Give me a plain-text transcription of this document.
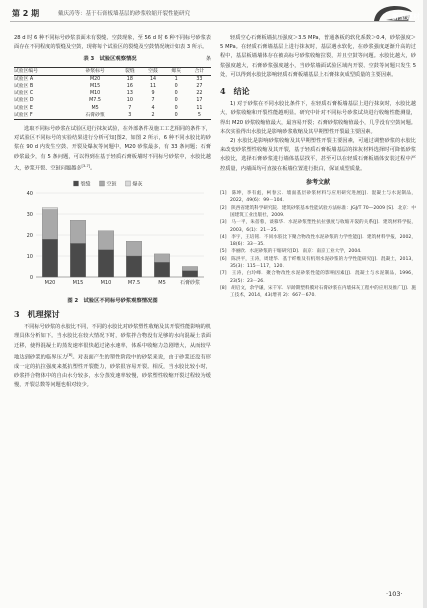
第 2 期	戴庆涛等：基于石膏板墙基层的砂浆收缩开裂性能研究	新型建材

28 d 时 6 种不同标号砂浆表面未有裂缝、空鼓现象，至 56 d 时 6 种不同标号砂浆表面存在不同程度的裂缝及空鼓，现将每个试验区的裂缝及空鼓情况统计如表 3 所示。

表 3　试验区观察情况	条
试验区编号	砂浆标号	裂缝	空鼓	爆灰	合计
试验区 A	M20	18	14	1	33
试验区 B	M15	16	11	0	27
试验区 C	M10	13	9	0	22
试验区 D	M7.5	10	7	0	17
试验区 E	M5	7	4	0	11
试验区 F	石膏砂浆	3	2	0	5

选取不同标号砂浆在试验区进行抹灰试验，在外部条件及施工工艺相同的条件下，对试验区不同标号的实验结果进行分析可知[图2，如图 2 所示，6 种不同水胶比的砂浆在 90 d 内发生空鼓、开裂及爆灰等问题中，M20 砂浆最多，有 33 条问题；石膏砂浆最少，有 5 条问题，可以得到在基于轻质石膏板墙时不同标号砂浆中，水胶比越大，砂浆开裂、空鼓问题越多[3-7]。

0
10
20
30
40
M20	M15	M10	M7.5	M5	石膏砂浆
裂缝	空鼓	爆灰
图 2　试验区不同标号砂浆观察情况图
3 机理探讨

不同标号砂浆的水胶比不同，不同的水胶比对砂浆塑性收缩及其开裂性能影响的机理具体分析如下。当水胶比在较大情况下时，砂浆拌合物没有足够的水向混凝土表面迁移，使得混凝土的蒸发速率很快超过泌水速率，体系中收缩力急剧增大，从而较早地达到砂浆的临界压力[8]。对表面产生的塑性阶段中的砂浆来说，由于砂浆还没有形成一定的抗拉强度来抵抗塑性开裂能力，砂浆很容易开裂。相反，当水胶比较小时，砂浆拌合物体中的自由水分较多，水分蒸发速率较慢，砂浆塑性收缩开裂过程较为缓慢，开裂总数等问题也相对较少。

轻质空心石膏板墙抗压强度＞3.5 MPa，普通条板的软化系数＞0.4，砂浆强度＞5 MPa。在轻质石膏墙基层上进行抹灰时，基层遇水软化，在砂浆强度逐渐升高的过程中，基层板墙墙体存在被高标号砂浆收缩拉裂，并且空鼓等问题。水胶比越大，砂浆强度越大，石膏砂浆强度越小，当砂浆墙面试验区域内开裂、空鼓等问题只发生 5 处，可以得到水胶比影响轻质石膏板墙基层上石膏抹灰成型质量的主要因素。

4 结论

1) 对于砂浆在不同水胶比条件下，在轻质石膏板墙基层上进行抹灰时，水胶比越大，砂浆收缩和开裂性能越明显。研究中针对不同标号砂浆试块进行收缩性能测量，得出 M20 砂浆收缩值最大，最容易开裂；石膏砂浆收缩值最小，几乎没有空鼓问题。本次实验得出水胶比是影响砂浆收缩及其早期塑性开裂最主要因素。

2) 水胶比是影响砂浆收缩及其早期塑性开裂主要因素，可通过调整砂浆的水胶比来改变砂浆塑性收缩及其开裂，基于轻质石膏板墙基层的抹灰材料选择时可降低砂浆水胶比，选择石膏砂浆进行墙体基层找平，甚至可以在轻质石膏板墙体安装过程中严控质量，内墙面均可直接在板墙位置进行批白，保证成型质量。

参考文献
[1]　陈坤，李有彪，柯春云．墙面基层砂浆材料与应用研究进展[J]．混凝土与水泥制品，2022，49(6)：99－104．
[2]　陕西省建筑科学研究院．建筑砂浆基本性能试验方法标准：JGJ/T 70—2009 [S]．北京：中国建筑工业出版社，2009．
[3]　马一平，朱蓓蓉，谈慕华．水泥砂浆塑性抗拉强度与收缩开裂的关系[J]．建筑材料学报，2003，6(1)：21－25．
[4]　李宇，王培铭．不同水胶比下聚合物改性水泥砂浆的力学性能[J]．建筑材料学报，2002，18(6)：33－35．
[5]　李丽欣．水泥砂浆的干缩研究[D]．南京：南京工业大学，2004．
[6]　陈洪平，王涛，周建华．基于纤维及有机剂水泥砂浆的力学性能研究[J]．混凝土，2013，35(3)：115－117，120．
[7]　王涛，白玲峰．聚合物改性水泥砂浆性能的影响因素[J]．混凝土与水泥制品，1996，23(5)：23－26．
[8]　胡启文，余学谦，宋千军．早龄期塑料膜对石膏砂浆在内墙抹灰工程中的应用及推广[J]．施工技术，2014，43(增刊 2)：667－670．
·103·
